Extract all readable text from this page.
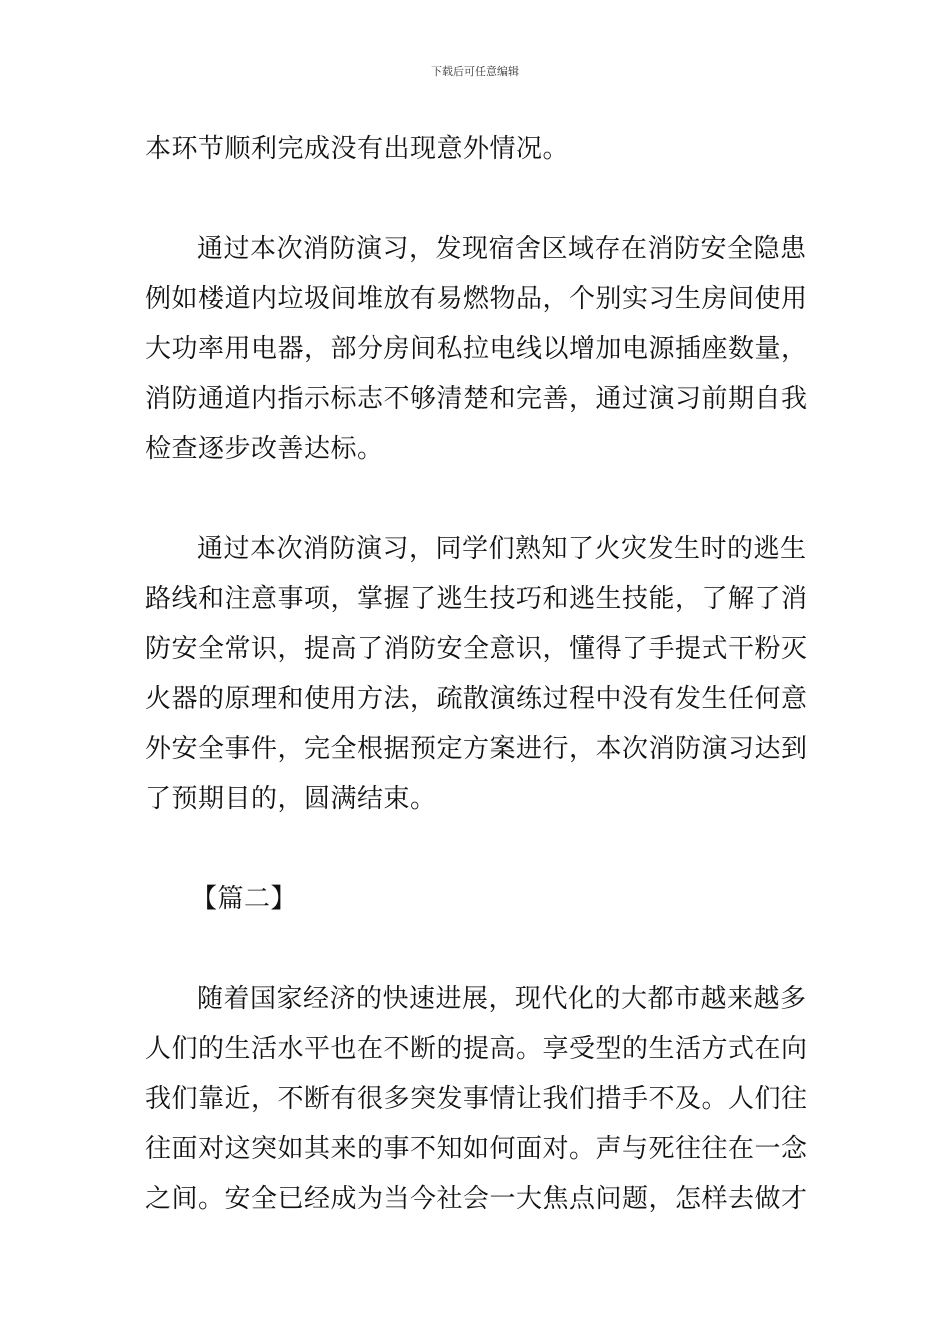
下载后可任意编辑
本环节顺利完成没有出现意外情况。
通过本次消防演习，发现宿舍区域存在消防安全隐患
例如楼道内垃圾间堆放有易燃物品，个别实习生房间使用
大功率用电器，部分房间私拉电线以增加电源插座数量，
消防通道内指示标志不够清楚和完善，通过演习前期自我
检查逐步改善达标。
通过本次消防演习，同学们熟知了火灾发生时的逃生
路线和注意事项，掌握了逃生技巧和逃生技能，了解了消
防安全常识，提高了消防安全意识，懂得了手提式干粉灭
火器的原理和使用方法，疏散演练过程中没有发生任何意
外安全事件，完全根据预定方案进行，本次消防演习达到
了预期目的，圆满结束。
【篇二】
随着国家经济的快速进展，现代化的大都市越来越多
人们的生活水平也在不断的提高。享受型的生活方式在向
我们靠近，不断有很多突发事情让我们措手不及。人们往
往面对这突如其来的事不知如何面对。声与死往往在一念
之间。安全已经成为当今社会一大焦点问题，怎样去做才
